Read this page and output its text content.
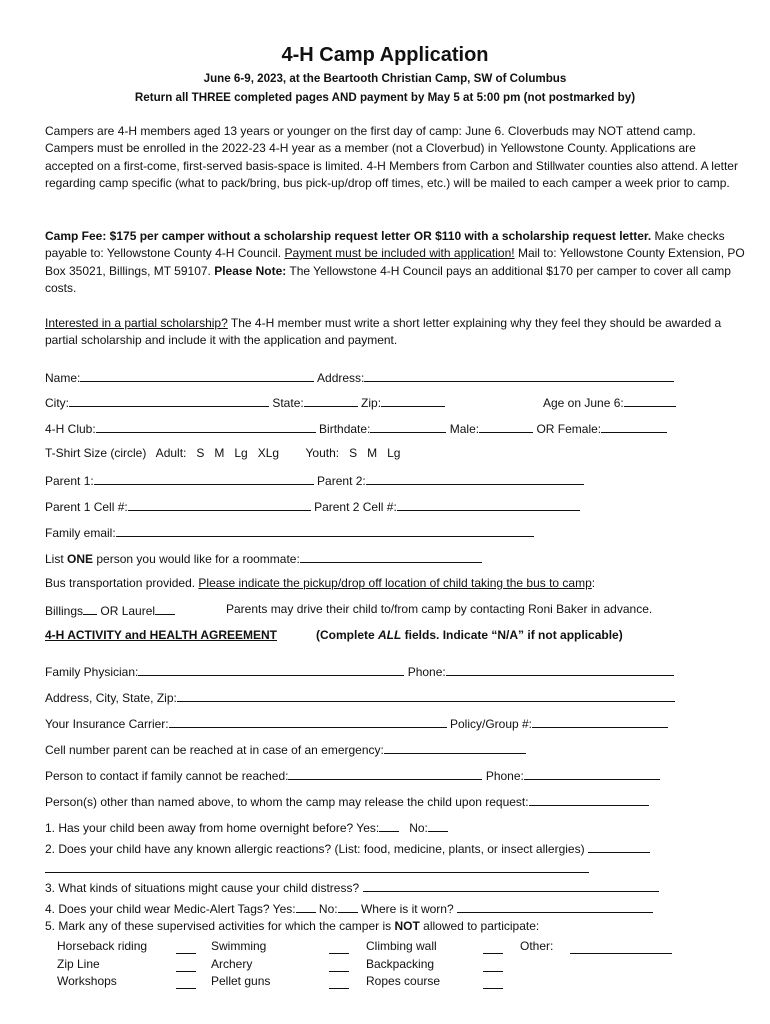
4-H Camp Application
June 6-9, 2023, at the Beartooth Christian Camp, SW of Columbus
Return all THREE completed pages AND payment by May 5 at 5:00 pm (not postmarked by)
Campers are 4-H members aged 13 years or younger on the first day of camp: June 6. Cloverbuds may NOT attend camp. Campers must be enrolled in the 2022-23 4-H year as a member (not a Cloverbud) in Yellowstone County. Applications are accepted on a first-come, first-served basis-space is limited. 4-H Members from Carbon and Stillwater counties also attend. A letter regarding camp specific (what to pack/bring, bus pick-up/drop off times, etc.) will be mailed to each camper a week prior to camp.
Camp Fee: $175 per camper without a scholarship request letter OR $110 with a scholarship request letter. Make checks payable to: Yellowstone County 4-H Council. Payment must be included with application! Mail to: Yellowstone County Extension, PO Box 35021, Billings, MT 59107. Please Note: The Yellowstone 4-H Council pays an additional $170 per camper to cover all camp costs.
Interested in a partial scholarship? The 4-H member must write a short letter explaining why they feel they should be awarded a partial scholarship and include it with the application and payment.
Name:	Address:
City:	State:	Zip:	Age on June 6:
4-H Club:	Birthdate:	Male:	OR Female:
T-Shirt Size (circle)   Adult:   S   M   Lg   XLg        Youth:   S   M   Lg
Parent 1:	Parent 2:
Parent 1 Cell #:	Parent 2 Cell #:
Family email:
List ONE person you would like for a roommate:
Bus transportation provided. Please indicate the pickup/drop off location of child taking the bus to camp:
Billings OR Laurel	Parents may drive their child to/from camp by contacting Roni Baker in advance.
4-H ACTIVITY and HEALTH AGREEMENT	(Complete ALL fields. Indicate “N/A” if not applicable)
Family Physician:	Phone:
Address, City, State, Zip:
Your Insurance Carrier:	Policy/Group #:
Cell number parent can be reached at in case of an emergency:
Person to contact if family cannot be reached:	Phone:
Person(s) other than named above, to whom the camp may release the child upon request:
1. Has your child been away from home overnight before? Yes:	No:
2. Does your child have any known allergic reactions? (List: food, medicine, plants, or insect allergies)
3. What kinds of situations might cause your child distress?
4. Does your child wear Medic-Alert Tags? Yes: No: Where is it worn?
5. Mark any of these supervised activities for which the camper is NOT allowed to participate:
Horseback riding	Swimming	Climbing wall	Other:
Zip Line	Archery	Backpacking
Workshops	Pellet guns	Ropes course
